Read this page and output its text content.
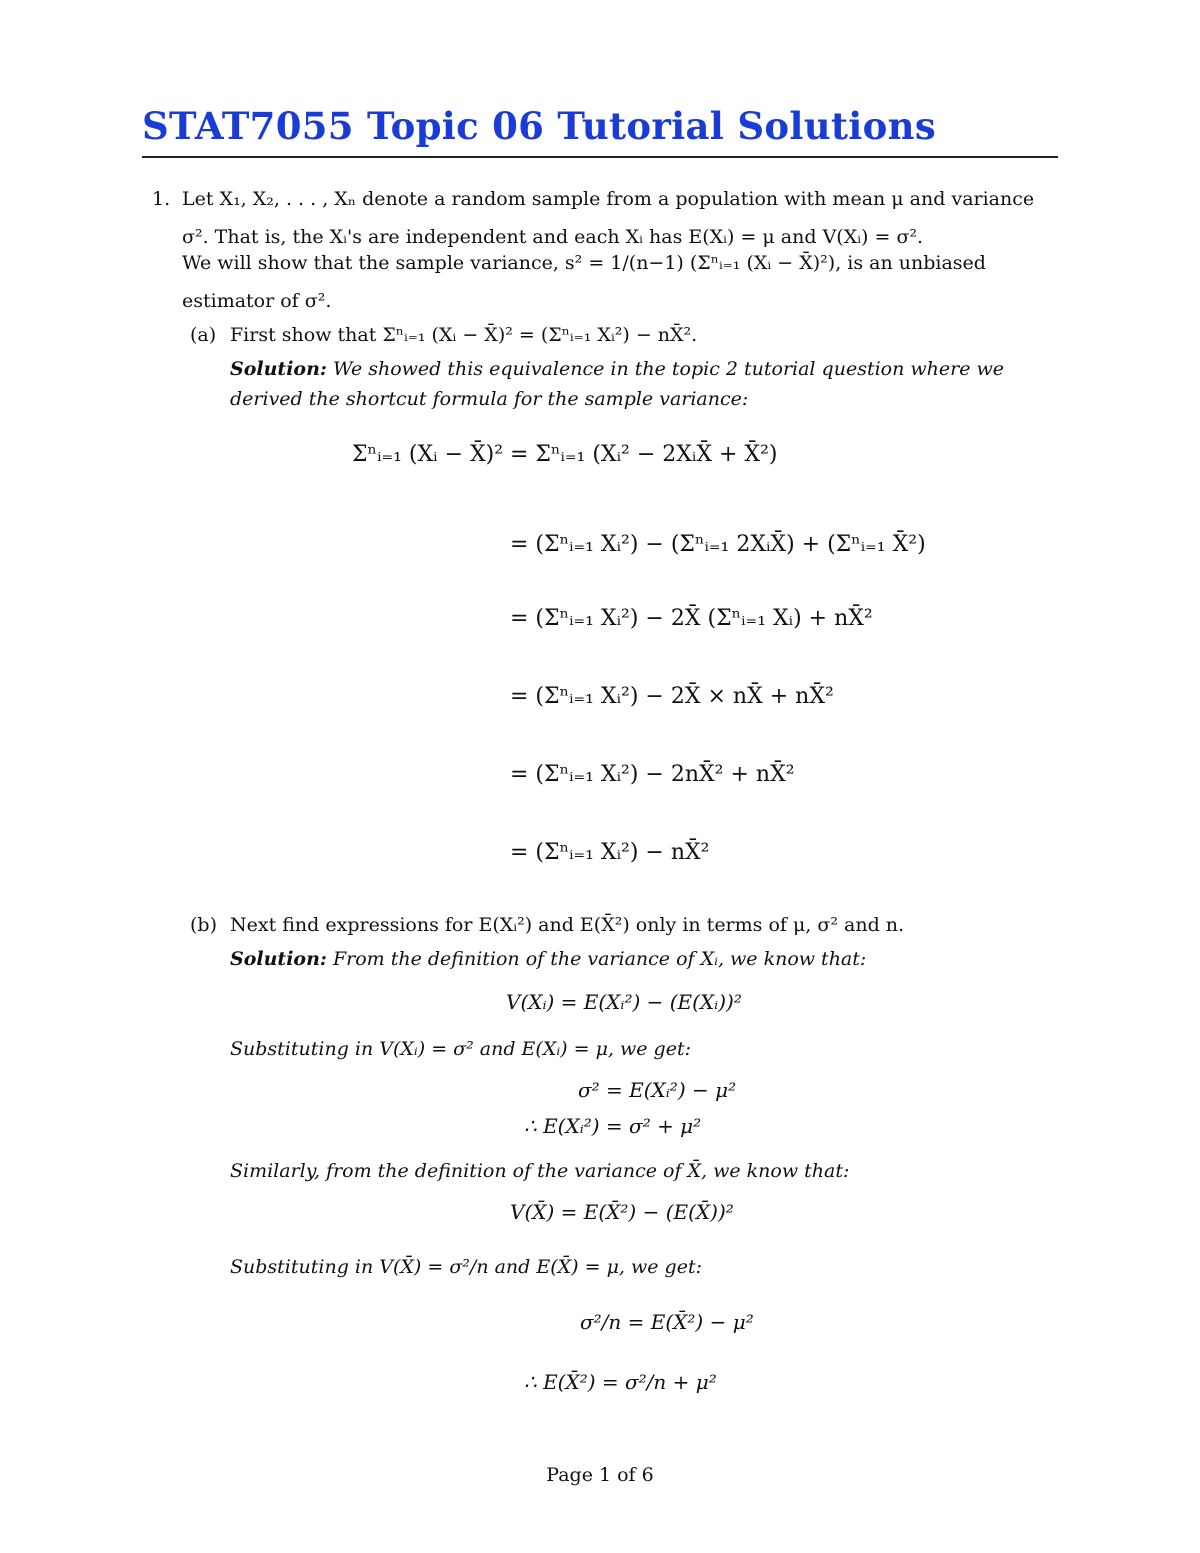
STAT7055 Topic 06 Tutorial Solutions
1. Let X₁, X₂, . . . , Xₙ denote a random sample from a population with mean μ and variance
σ². That is, the Xᵢ's are independent and each Xᵢ has E(Xᵢ) = μ and V(Xᵢ) = σ².
We will show that the sample variance, s² = 1/(n−1) (Σⁿᵢ₌₁ (Xᵢ − X̄)²), is an unbiased
estimator of σ².
(a) First show that Σⁿᵢ₌₁ (Xᵢ − X̄)² = (Σⁿᵢ₌₁ Xᵢ²) − nX̄².
Solution: We showed this equivalence in the topic 2 tutorial question where we
derived the shortcut formula for the sample variance:
Σⁿᵢ₌₁ (Xᵢ − X̄)² = Σⁿᵢ₌₁ (Xᵢ² − 2XᵢX̄ + X̄²)
= (Σⁿᵢ₌₁ Xᵢ²) − (Σⁿᵢ₌₁ 2XᵢX̄) + (Σⁿᵢ₌₁ X̄²)
= (Σⁿᵢ₌₁ Xᵢ²) − 2X̄ (Σⁿᵢ₌₁ Xᵢ) + nX̄²
= (Σⁿᵢ₌₁ Xᵢ²) − 2X̄ × nX̄ + nX̄²
= (Σⁿᵢ₌₁ Xᵢ²) − 2nX̄² + nX̄²
= (Σⁿᵢ₌₁ Xᵢ²) − nX̄²
(b) Next find expressions for E(Xᵢ²) and E(X̄²) only in terms of μ, σ² and n.
Solution: From the definition of the variance of Xᵢ, we know that:
V(Xᵢ) = E(Xᵢ²) − (E(Xᵢ))²
Substituting in V(Xᵢ) = σ² and E(Xᵢ) = μ, we get:
σ² = E(Xᵢ²) − μ²
∴ E(Xᵢ²) = σ² + μ²
Similarly, from the definition of the variance of X̄, we know that:
V(X̄) = E(X̄²) − (E(X̄))²
Substituting in V(X̄) = σ²/n and E(X̄) = μ, we get:
σ²/n = E(X̄²) − μ²
∴ E(X̄²) = σ²/n + μ²
Page 1 of 6
